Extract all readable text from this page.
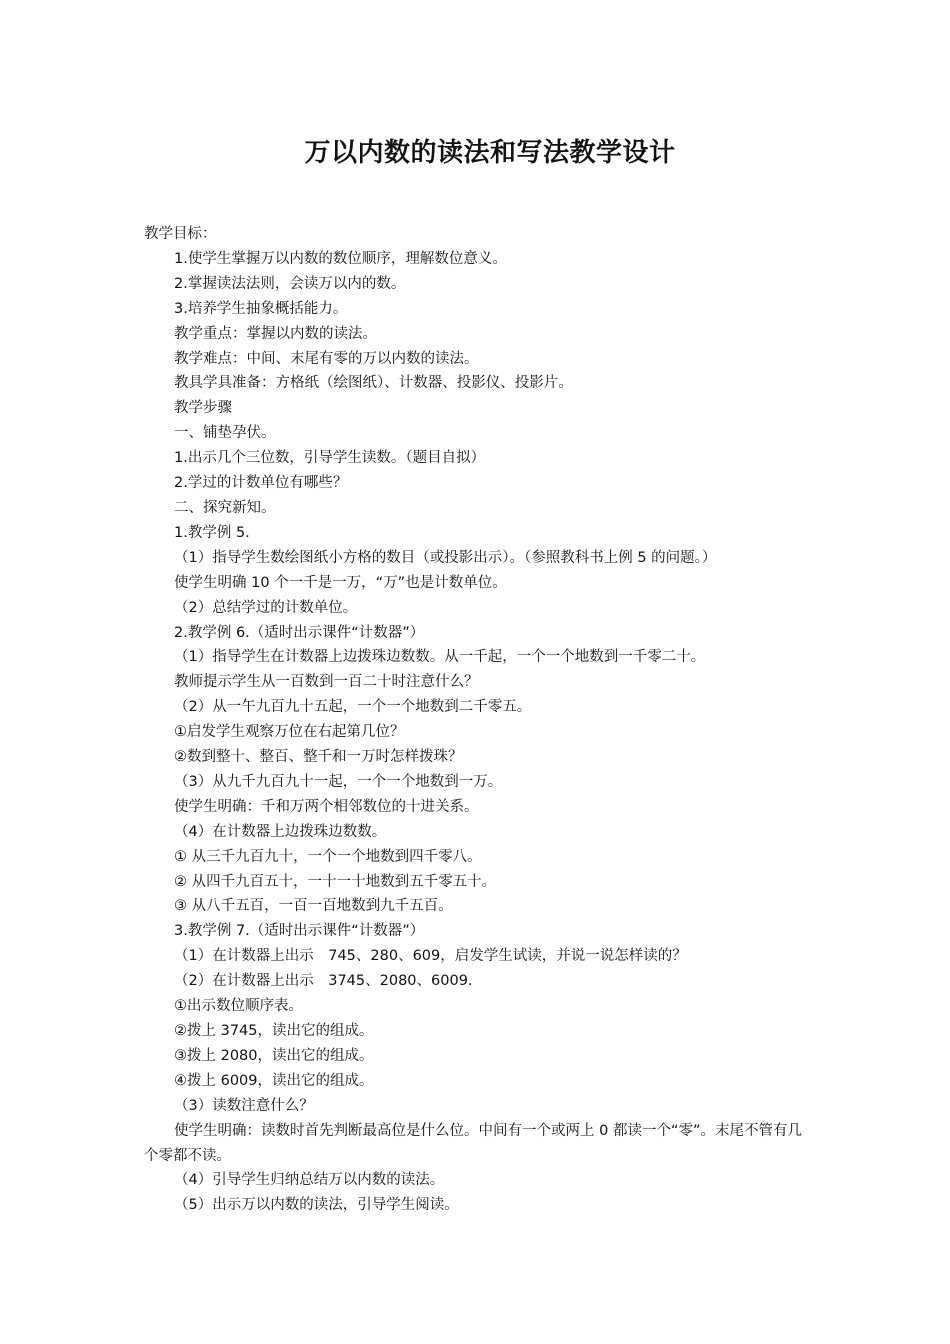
万以内数的读法和写法教学设计

教学目标：

1.使学生掌握万以内数的数位顺序，理解数位意义。

2.掌握读法法则，会读万以内的数。

3.培养学生抽象概括能力。

教学重点：掌握以内数的读法。

教学难点：中间、末尾有零的万以内数的读法。

教具学具准备：方格纸（绘图纸）、计数器、投影仪、投影片。

教学步骤

一、铺垫孕伏。

1.出示几个三位数，引导学生读数。（题目自拟）

2.学过的计数单位有哪些？

二、探究新知。

1.教学例 5.

（1）指导学生数绘图纸小方格的数目（或投影出示）。（参照教科书上例 5 的问题。）

使学生明确 10 个一千是一万，“万”也是计数单位。

（2）总结学过的计数单位。

2.教学例 6.（适时出示课件“计数器”）

（1）指导学生在计数器上边拨珠边数数。从一千起，一个一个地数到一千零二十。

教师提示学生从一百数到一百二十时注意什么？

（2）从一午九百九十五起，一个一个地数到二千零五。

①启发学生观察万位在右起第几位？

②数到整十、整百、整千和一万时怎样拨珠？

（3）从九千九百九十一起，一个一个地数到一万。

使学生明确：千和万两个相邻数位的十进关系。

（4）在计数器上边拨珠边数数。

① 从三千九百九十，一个一个地数到四千零八。

② 从四千九百五十，一十一十地数到五千零五十。

③ 从八千五百，一百一百地数到九千五百。

3.教学例 7.（适时出示课件“计数器”）

（1）在计数器上出示　745、280、609，启发学生试读，并说一说怎样读的？

（2）在计数器上出示　3745、2080、6009.

①出示数位顺序表。

②拨上 3745，读出它的组成。

③拨上 2080，读出它的组成。

④拨上 6009，读出它的组成。

（3）读数注意什么？

使学生明确：读数时首先判断最高位是什么位。中间有一个或两上 0 都读一个“零”。末尾不管有几个零都不读。

（4）引导学生归纳总结万以内数的读法。

（5）出示万以内数的读法，引导学生阅读。
